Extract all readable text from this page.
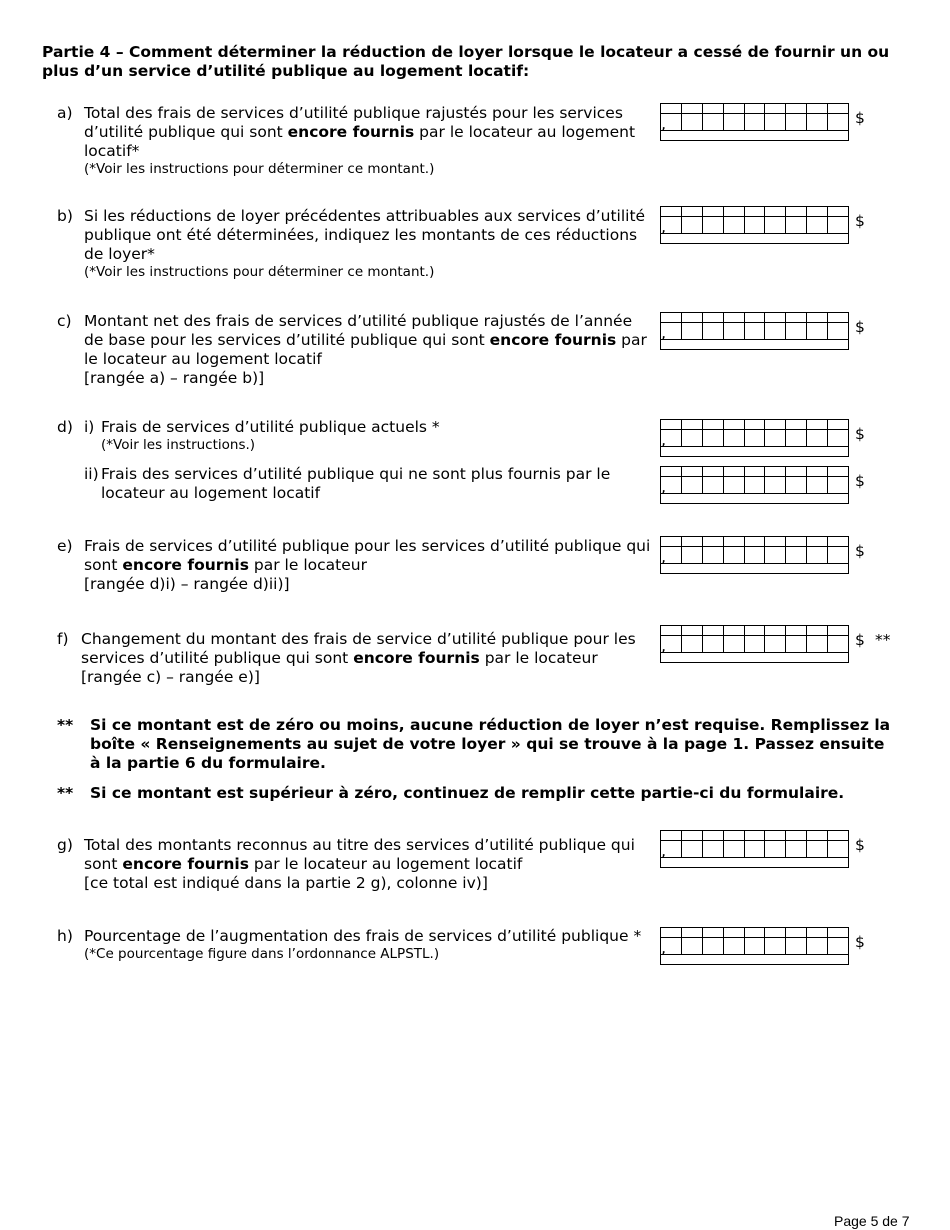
Partie 4 – Comment déterminer la réduction de loyer lorsque le locateur a cessé de fournir un ou plus d’un service d’utilité publique au logement locatif:
a) Total des frais de services d’utilité publique rajustés pour les services d’utilité publique qui sont encore fournis par le locateur au logement locatif*
(*Voir les instructions pour déterminer ce montant.)
,	$
b) Si les réductions de loyer précédentes attribuables aux services d’utilité publique ont été déterminées, indiquez les montants de ces réductions de loyer*
(*Voir les instructions pour déterminer ce montant.)
,	$
c) Montant net des frais de services d’utilité publique rajustés de l’année de base pour les services d’utilité publique qui sont encore fournis par le locateur au logement locatif
[rangée a) – rangée b)]
,	$
d) i) Frais de services d’utilité publique actuels *
(*Voir les instructions.)	,	$
ii) Frais des services d’utilité publique qui ne sont plus fournis par le locateur au logement locatif	,	$
e) Frais de services d’utilité publique pour les services d’utilité publique qui sont encore fournis par le locateur
[rangée d)i) – rangée d)ii)]
,	$
f) Changement du montant des frais de service d’utilité publique pour les services d’utilité publique qui sont encore fournis par le locateur
[rangée c) – rangée e)]
,	$ **
** Si ce montant est de zéro ou moins, aucune réduction de loyer n’est requise. Remplissez la boîte « Renseignements au sujet de votre loyer » qui se trouve à la page 1. Passez ensuite à la partie 6 du formulaire.
** Si ce montant est supérieur à zéro, continuez de remplir cette partie-ci du formulaire.
g) Total des montants reconnus au titre des services d’utilité publique qui sont encore fournis par le locateur au logement locatif
[ce total est indiqué dans la partie 2 g), colonne iv)]
,	$
h) Pourcentage de l’augmentation des frais de services d’utilité publique *
(*Ce pourcentage figure dans l’ordonnance ALPSTL.)	,	$
Page 5 de 7
